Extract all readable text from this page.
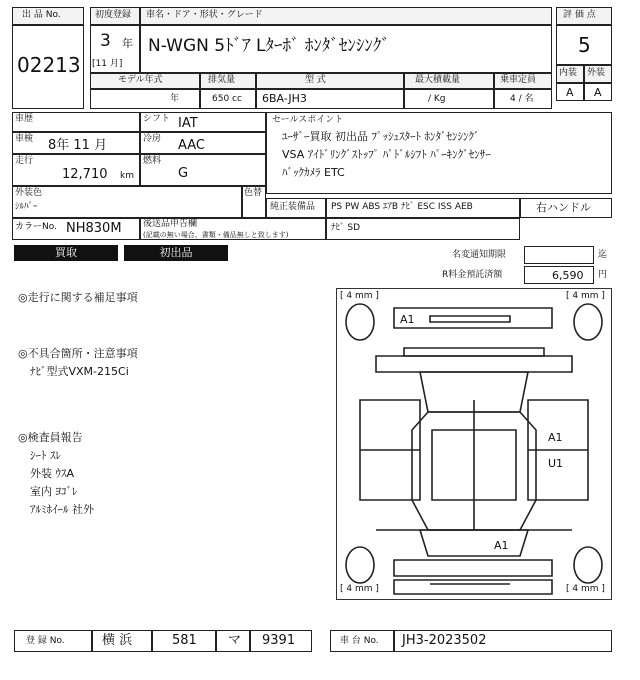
出 品 No.
02213
初度登録 車名・ドア・形状・グレード
3 年
[11 月]
N-WGN 5ﾄﾞｱ Lﾀｰﾎﾞ ﾎﾝﾀﾞｾﾝｼﾝｸﾞ
評 価 点
5
内装 外装
A A
モデル年式	排気量	型 式	最大積載量	乗車定員
年	650 cc 6BA-JH3	/ Kg	4 / 名
車歴
車検 8年 11 月
走行
12,710 km
シフト IAT
冷房 AAC
燃料
G
外装色
ｼﾙﾊﾞｰ
色替
カラーNo. NH830M 後送品申告欄
(記載の無い場合、書類・備品無しと致します)
セールスポイント
ﾕｰｻﾞｰ買取 初出品 ﾌﾟｯｼｭｽﾀｰﾄ ﾎﾝﾀﾞｾﾝｼﾝｸﾞ
VSA ｱｲﾄﾞﾘﾝｸﾞｽﾄｯﾌﾟ ﾊﾟﾄﾞﾙｼﾌﾄ ﾊﾟｰｷﾝｸﾞｾﾝｻｰ
ﾊﾞｯｸｶﾒﾗ ETC
純正装備品 PS PW ABS ｴｱB ﾅﾋﾞ ESC ISS AEB	右ハンドル
ﾅﾋﾞ SD
買取	初出品	名変通知期限	迄
R料金預託済額	6,590 円
◎走行に関する補足事項
◎不具合箇所・注意事項
ﾅﾋﾞ型式VXM-215Ci
◎検査員報告
ｼｰﾄ ｽﾚ
外装 ｳｽA
室内 ﾖｺﾞﾚ
ｱﾙﾐﾎｲｰﾙ 社外
[ 4 mm ]	[ 4 mm ]
[ 4 mm ]	[ 4 mm ]
A1
A1
U1
A1
登 録 No.	横 浜	581 マ 9391	車 台 No. JH3-2023502
